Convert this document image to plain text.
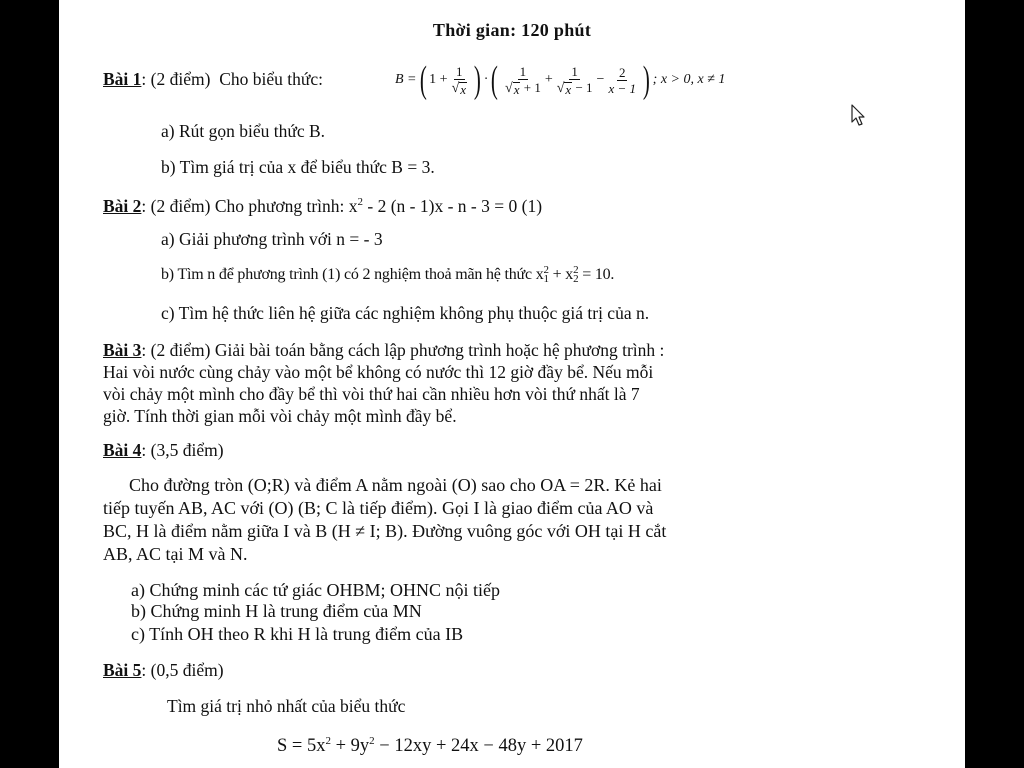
Thời gian: 120 phút
Bài 1: (2 điểm) Cho biểu thức:	B = ( $1 + \frac{1}{√ x}$ ) · ( $\frac{1}{√ x + 1} + \frac{1}{√ x - 1} - \frac{2}{x - 1}$ ) ; x > 0, x ≠ 1
a) Rút gọn biểu thức B.
b) Tìm giá trị của x để biểu thức B = 3.
Bài 2: (2 điểm) Cho phương trình: $x^2 - 2$ (n - 1)x - n - 3 = 0 (1)
a) Giải phương trình với n = - 3
b) Tìm n để phương trình (1) có 2 nghiệm thoả mãn hệ thức x 2
1 + x 2
2 = 10.
c) Tìm hệ thức liên hệ giữa các nghiệm không phụ thuộc giá trị của n.
Bài 3: (2 điểm) Giải bài toán bằng cách lập phương trình hoặc hệ phương trình :
Hai vòi nước cùng chảy vào một bể không có nước thì 12 giờ đầy bể. Nếu mỗi
vòi chảy một mình cho đầy bể thì vòi thứ hai cần nhiều hơn vòi thứ nhất là 7
giờ. Tính thời gian mỗi vòi chảy một mình đầy bể.
Bài 4: (3,5 điểm)
Cho đường tròn (O;R) và điểm A nằm ngoài (O) sao cho OA = 2R. Kẻ hai
tiếp tuyến AB, AC với (O) (B; C là tiếp điểm). Gọi I là giao điểm của AO và
BC, H là điểm nằm giữa I và B (H ≠ I; B). Đường vuông góc với OH tại H cắt
AB, AC tại M và N.
a) Chứng minh các tứ giác OHBM; OHNC nội tiếp
b) Chứng minh H là trung điểm của MN
c) Tính OH theo R khi H là trung điểm của IB
Bài 5: (0,5 điểm)
Tìm giá trị nhỏ nhất của biểu thức
$S = 5x^2 + 9y^2 - 12xy + 24x - 48y + 2017$
